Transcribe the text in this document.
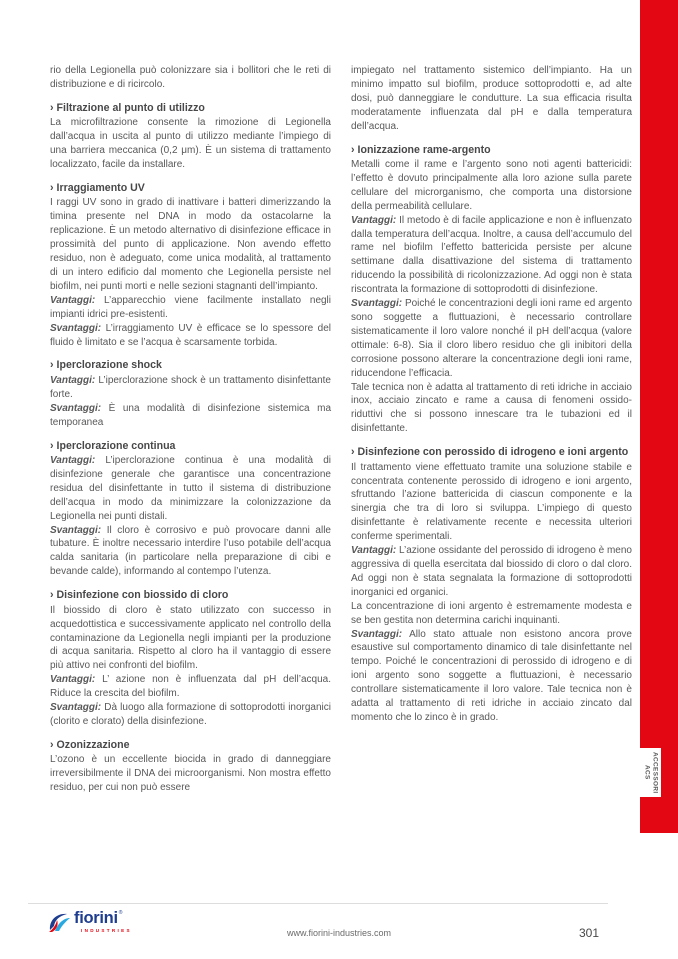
rio della Legionella può colonizzare sia i bollitori che le reti di distribuzione e di ricircolo.

› Filtrazione al punto di utilizzo

La microfiltrazione consente la rimozione di Legionella dall’acqua in uscita al punto di utilizzo mediante l’impiego di una barriera meccanica (0,2 μm). È un sistema di trattamento localizzato, facile da installare.

› Irraggiamento UV

I raggi UV sono in grado di inattivare i batteri dimerizzando la timina presente nel DNA in modo da ostacolarne la replicazione. È un metodo alternativo di disinfezione efficace in prossimità del punto di applicazione. Non avendo effetto residuo, non è adeguato, come unica modalità, al trattamento di un intero edificio dal momento che Legionella persiste nel biofilm, nei punti morti e nelle sezioni stagnanti dell’impianto.

Vantaggi: L’apparecchio viene facilmente installato negli impianti idrici pre-esistenti.

Svantaggi: L’irraggiamento UV è efficace se lo spessore del fluido è limitato e se l’acqua è scarsamente torbida.

› Iperclorazione shock

Vantaggi: L’iperclorazione shock è un trattamento disinfettante forte.

Svantaggi: È una modalità di disinfezione sistemica ma temporanea

› Iperclorazione continua

Vantaggi: L’iperclorazione continua è una modalità di disinfezione generale che garantisce una concentrazione residua del disinfettante in tutto il sistema di distribuzione dell’acqua in modo da minimizzare la colonizzazione da Legionella nei punti distali.

Svantaggi: Il cloro è corrosivo e può provocare danni alle tubature. È inoltre necessario interdire l’uso potabile dell’acqua calda sanitaria (in particolare nella preparazione di cibi e bevande calde), informando al contempo l’utenza.

› Disinfezione con biossido di cloro

Il biossido di cloro è stato utilizzato con successo in acquedottistica e successivamente applicato nel controllo della contaminazione da Legionella negli impianti per la produzione di acqua sanitaria. Rispetto al cloro ha il vantaggio di essere più attivo nei confronti del biofilm.

Vantaggi: L’ azione non è influenzata dal pH dell’acqua. Riduce la crescita del biofilm.

Svantaggi: Dà luogo alla formazione di sottoprodotti inorganici (clorito e clorato) della disinfezione.

› Ozonizzazione

L’ozono è un eccellente biocida in grado di danneggiare irreversibilmente il DNA dei microorganismi. Non mostra effetto residuo, per cui non può essere

impiegato nel trattamento sistemico dell’impianto. Ha un minimo impatto sul biofilm, produce sottoprodotti e, ad alte dosi, può danneggiare le condutture. La sua efficacia risulta moderatamente influenzata dal pH e dalla temperatura dell’acqua.

› Ionizzazione rame-argento

Metalli come il rame e l’argento sono noti agenti battericidi: l’effetto è dovuto principalmente alla loro azione sulla parete cellulare del microrganismo, che comporta una distorsione della permeabilità cellulare.

Vantaggi: Il metodo è di facile applicazione e non è influenzato dalla temperatura dell’acqua. Inoltre, a causa dell’accumulo del rame nel biofilm l’effetto battericida persiste per alcune settimane dalla disattivazione del sistema di trattamento riducendo la possibilità di ricolonizzazione. Ad oggi non è stata riscontrata la formazione di sottoprodotti di disinfezione.

Svantaggi: Poiché le concentrazioni degli ioni rame ed argento sono soggette a fluttuazioni, è necessario controllare sistematicamente il loro valore nonché il pH dell’acqua (valore ottimale: 6-8). Sia il cloro libero residuo che gli inibitori della corrosione possono alterare la concentrazione degli ioni rame, riducendone l’efficacia.

Tale tecnica non è adatta al trattamento di reti idriche in acciaio inox, acciaio zincato e rame a causa di fenomeni ossido-riduttivi che si possono innescare tra le tubazioni ed il disinfettante.

› Disinfezione con perossido di idrogeno e ioni argento

Il trattamento viene effettuato tramite una soluzione stabile e concentrata contenente perossido di idrogeno e ioni argento, sfruttando l’azione battericida di ciascun componente e la sinergia che tra di loro si sviluppa. L’impiego di questo disinfettante è relativamente recente e necessita ulteriori conferme sperimentali.

Vantaggi: L’azione ossidante del perossido di idrogeno è meno aggressiva di quella esercitata dal biossido di cloro o dal cloro. Ad oggi non è stata segnalata la formazione di sottoprodotti inorganici ed organici.

La concentrazione di ioni argento è estremamente modesta e se ben gestita non determina carichi inquinanti.

Svantaggi: Allo stato attuale non esistono ancora prove esaustive sul comportamento dinamico di tale disinfettante nel tempo. Poiché le concentrazioni di perossido di idrogeno e di ioni argento sono soggette a fluttuazioni, è necessario controllare sistematicamente il loro valore. Tale tecnica non è adatta al trattamento di reti idriche in acciaio zincato dal momento che lo zinco è in grado.

ACCESSORI
ACS
fiorini ®
INDUSTRIES	www.fiorini-industries.com	301
